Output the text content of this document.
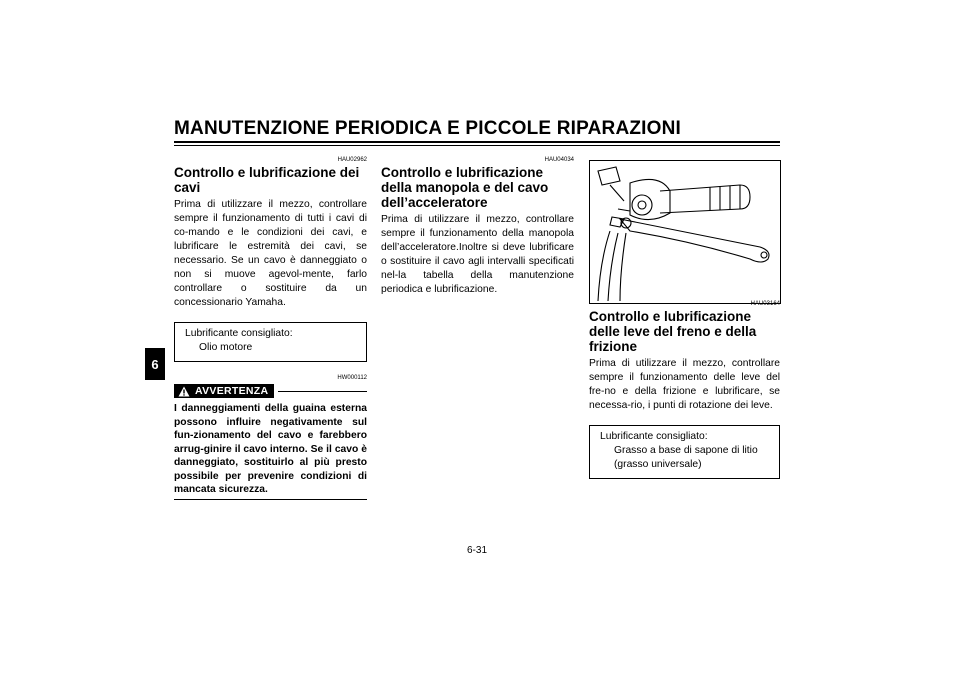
MANUTENZIONE PERIODICA E PICCOLE RIPARAZIONI
6
HAU02962
Controllo e lubrificazione dei cavi
Prima di utilizzare il mezzo, controllare sempre il funzionamento di tutti i cavi di co-mando e le condizioni dei cavi, e lubrificare le estremità dei cavi, se necessario. Se un cavo è danneggiato o non si muove agevol-mente, farlo controllare o sostituire da un concessionario Yamaha.
Lubrificante consigliato:
Olio motore
HW000112
AVVERTENZA
I danneggiamenti della guaina esterna possono influire negativamente sul fun-zionamento del cavo e farebbero arrug-ginire il cavo interno. Se il cavo è danneggiato, sostituirlo al più presto possibile per prevenire condizioni di mancata sicurezza.
HAU04034
Controllo e lubrificazione della manopola e del cavo dell’acceleratore
Prima di utilizzare il mezzo, controllare sempre il funzionamento della manopola dell’acceleratore.Inoltre si deve lubrificare o sostituire il cavo agli intervalli specificati nel-la tabella della manutenzione periodica e lubrificazione.
HAU03164
Controllo e lubrificazione delle leve del freno e della frizione
Prima di utilizzare il mezzo, controllare sempre il funzionamento delle leve del fre-no e della frizione e lubrificare, se necessa-rio, i punti di rotazione dei leve.
Lubrificante consigliato:
Grasso a base di sapone di litio
(grasso universale)
6-31
